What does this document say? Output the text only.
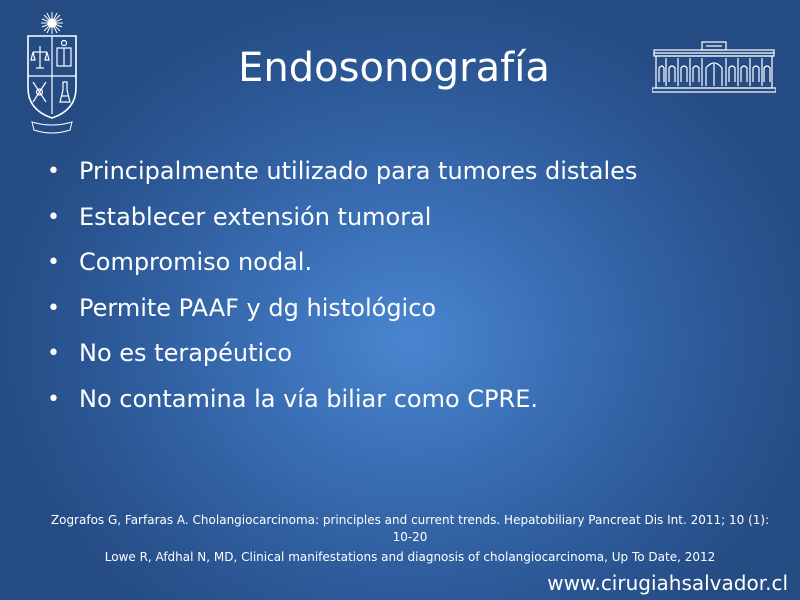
Endosonografía
• Principalmente utilizado para tumores distales
• Establecer extensión tumoral
• Compromiso nodal.
• Permite PAAF y dg histológico
• No es terapéutico
• No contamina la vía biliar como CPRE.

Zografos G, Farfaras A. Cholangiocarcinoma: principles and current trends. Hepatobiliary Pancreat Dis Int. 2011; 10 (1): 10-20

Lowe R, Afdhal N, MD, Clinical manifestations and diagnosis of cholangiocarcinoma, Up To Date, 2012

www.cirugiahsalvador.cl
